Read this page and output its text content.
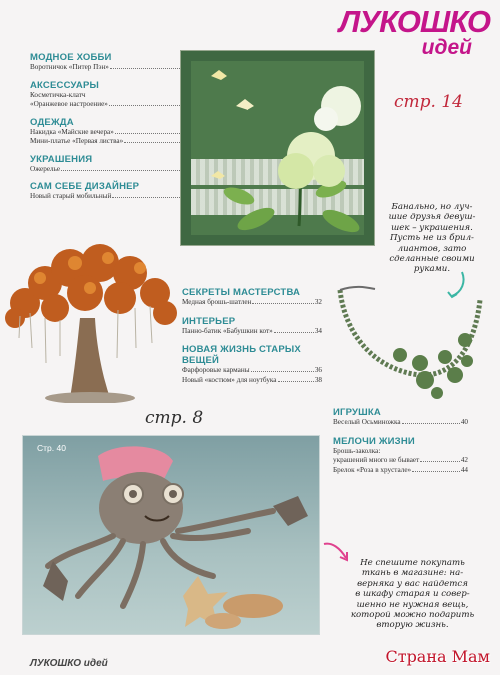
ЛУКОШКО
идей
МОДНОЕ ХОББИ
Воротничок «Питер Пэн»
АКСЕССУАРЫ
Косметичка-клатч
«Оранжевое настроение»
ОДЕЖДА
Накидка «Майские вечера»
Мини-платье «Первая листва»
УКРАШЕНИЯ
Ожерелье
САМ СЕБЕ ДИЗАЙНЕР
Новый старый мобильный
стр. 14
Банально, но луч-
шие друзья девуш-
шек – украшения.
Пусть не из брил-
лиантов, зато
сделанные своими
руками.
СЕКРЕТЫ МАСТЕРСТВА
Медная брошь-шатлен	32
ИНТЕРЬЕР
Панно-батик «Бабушкин кот»	34
НОВАЯ ЖИЗНЬ СТАРЫХ ВЕЩЕЙ
Фарфоровые карманы	36
Новый «костюм» для ноутбука	38
стр. 8	ИГРУШКА
Веселый Осьминожка	40
МЕЛОЧИ ЖИЗНИ
Брошь-заколка:
украшений много не бывает	42
Брелок «Роза в хрустале»	44
Стр. 40
Не спешите покупать
ткань в магазине: на-
верняка у вас найдется
в шкафу старая и совер-
шенно не нужная вещь,
которой можно подарить
вторую жизнь.
ЛУКОШКО идей	Страна Мам
